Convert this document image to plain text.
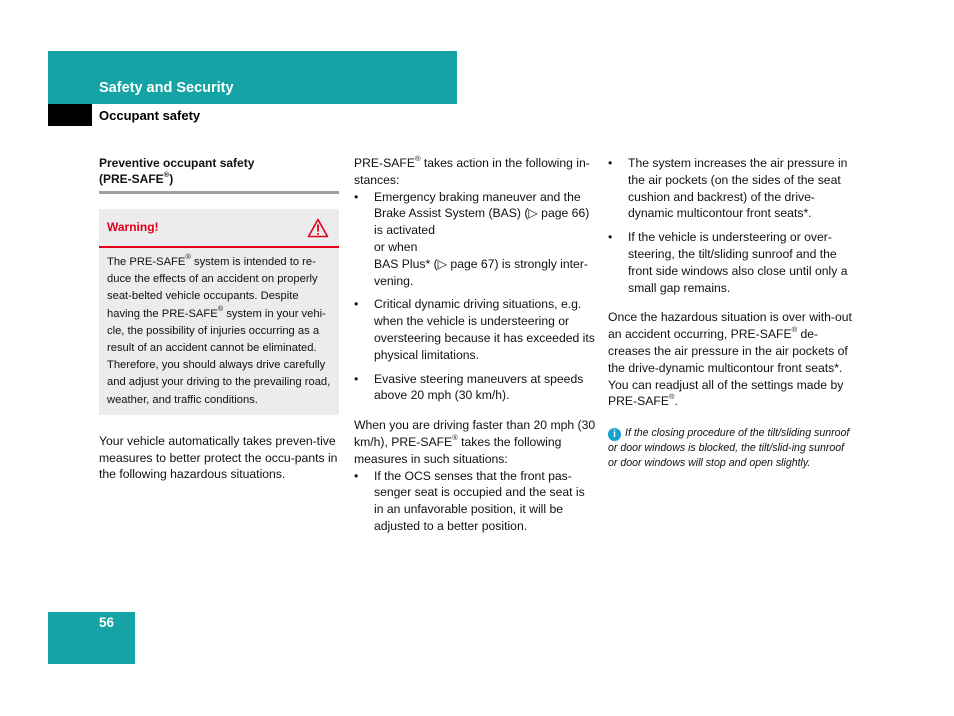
Safety and Security
Occupant safety

Preventive occupant safety
(PRE-SAFE®)

Warning!
The PRE-SAFE® system is intended to re-duce the effects of an accident on properly seat-belted vehicle occupants. Despite having the PRE-SAFE® system in your vehi-cle, the possibility of injuries occurring as a result of an accident cannot be eliminated. Therefore, you should always drive carefully and adjust your driving to the prevailing road, weather, and traffic conditions.

Your vehicle automatically takes preven-tive measures to better protect the occu-pants in the following hazardous situations.

PRE-SAFE® takes action in the following in-stances:

• Emergency braking maneuver and the Brake Assist System (BAS) (▷ page 66) is activated
or when
BAS Plus* (▷ page 67) is strongly inter-vening.
• Critical dynamic driving situations, e.g. when the vehicle is understeering or oversteering because it has exceeded its physical limitations.
• Evasive steering maneuvers at speeds above 20 mph (30 km/h).

When you are driving faster than 20 mph (30 km/h), PRE-SAFE® takes the following measures in such situations:

• If the OCS senses that the front pas-senger seat is occupied and the seat is in an unfavorable position, it will be adjusted to a better position.
• The system increases the air pressure in the air pockets (on the sides of the seat cushion and backrest) of the drive-dynamic multicontour front seats*.
• If the vehicle is understeering or over-steering, the tilt/sliding sunroof and the front side windows also close until only a small gap remains.

Once the hazardous situation is over with-out an accident occurring, PRE-SAFE® de-creases the air pressure in the air pockets of the drive-dynamic multicontour front seats*. You can readjust all of the settings made by PRE-SAFE®.

i If the closing procedure of the tilt/sliding sunroof or door windows is blocked, the tilt/slid-ing sunroof or door windows will stop and open slightly.

56
